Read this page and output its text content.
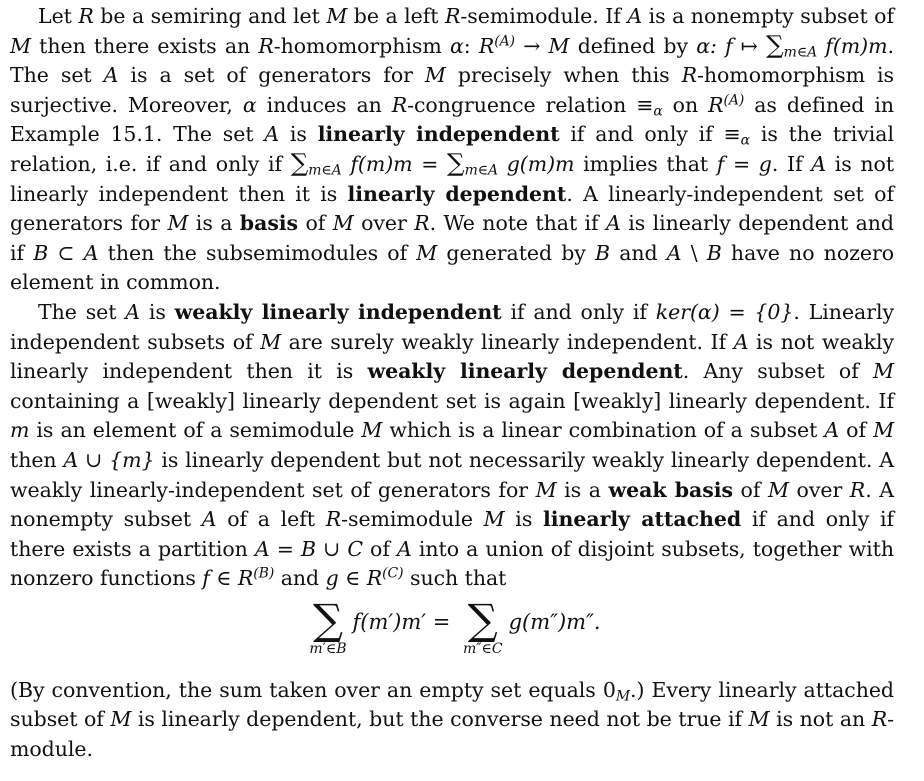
Let R be a semiring and let M be a left R-semimodule. If A is a nonempty subset of M then there exists an R-homomorphism α: $R^{(A)} \to M$ defined by α: f ↦ $\sum_{m\in A}$ f(m)m. The set A is a set of generators for M precisely when this R-homomorphism is surjective. Moreover, α induces an R-congruence relation $\equiv_\alpha$ on $R^{(A)}$ as defined in Example 15.1. The set A is linearly independent if and only if $\equiv_\alpha$ is the trivial relation, i.e. if and only if $\sum_{m\in A}$ $f(m)m = \sum_{m\in A}$ g(m)m implies that f = g. If A is not linearly independent then it is linearly dependent. A linearly-independent set of generators for M is a basis of M over R. We note that if A is linearly dependent and if B ⊂ A then the subsemimodules of M generated by B and A \ B have no nozero element in common.

The set A is weakly linearly independent if and only if ker(α) = {0}. Linearly independent subsets of M are surely weakly linearly independent. If A is not weakly linearly independent then it is weakly linearly dependent. Any subset of M containing a [weakly] linearly dependent set is again [weakly] linearly dependent. If m is an element of a semimodule M which is a linear combination of a subset A of M then A ∪ {m} is linearly dependent but not necessarily weakly linearly dependent. A weakly linearly-independent set of generators for M is a weak basis of M over R. A nonempty subset A of a left R-semimodule M is linearly attached if and only if there exists a partition A = B ∪ C of A into a union of disjoint subsets, together with nonzero functions f ∈ $R^{(B)}$ and g ∈ $R^{(C)}$ such that

∑
m′∈B
f(m′)m′ = ∑
m″∈C
g(m″)m″ .

(By convention, the sum taken over an empty set equals $0_M$.) Every linearly attached subset of M is linearly dependent, but the converse need not be true if M is not an R-module.
